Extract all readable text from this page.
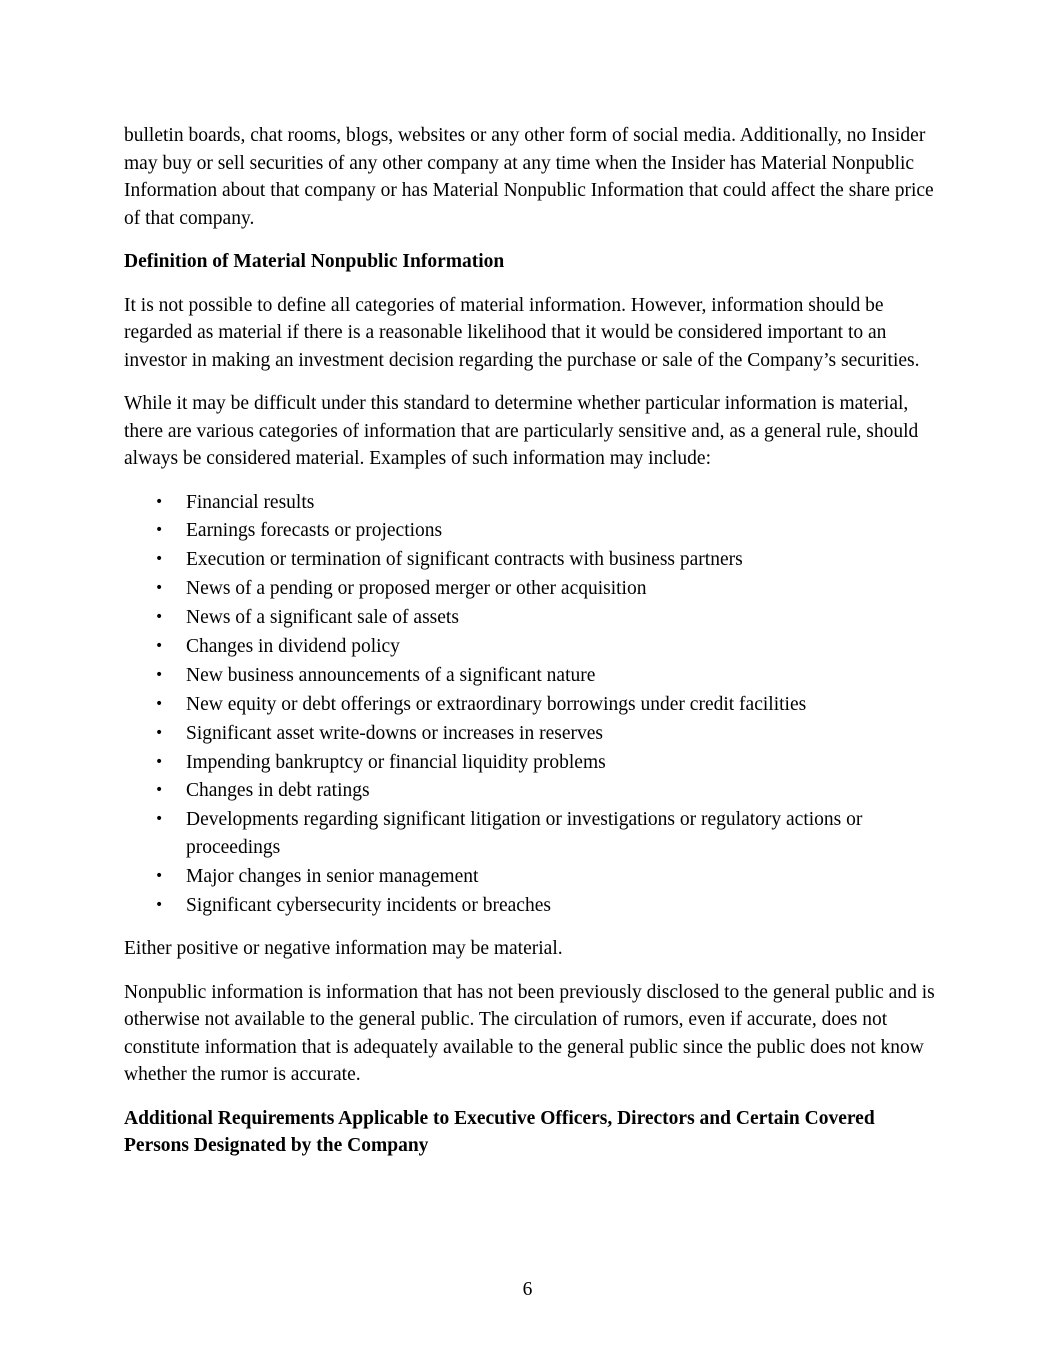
bulletin boards, chat rooms, blogs, websites or any other form of social media. Additionally, no Insider may buy or sell securities of any other company at any time when the Insider has Material Nonpublic Information about that company or has Material Nonpublic Information that could affect the share price of that company.

Definition of Material Nonpublic Information

It is not possible to define all categories of material information. However, information should be regarded as material if there is a reasonable likelihood that it would be considered important to an investor in making an investment decision regarding the purchase or sale of the Company’s securities.

While it may be difficult under this standard to determine whether particular information is material, there are various categories of information that are particularly sensitive and, as a general rule, should always be considered material. Examples of such information may include:

• Financial results
• Earnings forecasts or projections
• Execution or termination of significant contracts with business partners
• News of a pending or proposed merger or other acquisition
• News of a significant sale of assets
• Changes in dividend policy
• New business announcements of a significant nature
• New equity or debt offerings or extraordinary borrowings under credit facilities
• Significant asset write-downs or increases in reserves
• Impending bankruptcy or financial liquidity problems
• Changes in debt ratings
• Developments regarding significant litigation or investigations or regulatory actions or proceedings
• Major changes in senior management
• Significant cybersecurity incidents or breaches

Either positive or negative information may be material.

Nonpublic information is information that has not been previously disclosed to the general public and is otherwise not available to the general public. The circulation of rumors, even if accurate, does not constitute information that is adequately available to the general public since the public does not know whether the rumor is accurate.

Additional Requirements Applicable to Executive Officers, Directors and Certain Covered Persons Designated by the Company

6
